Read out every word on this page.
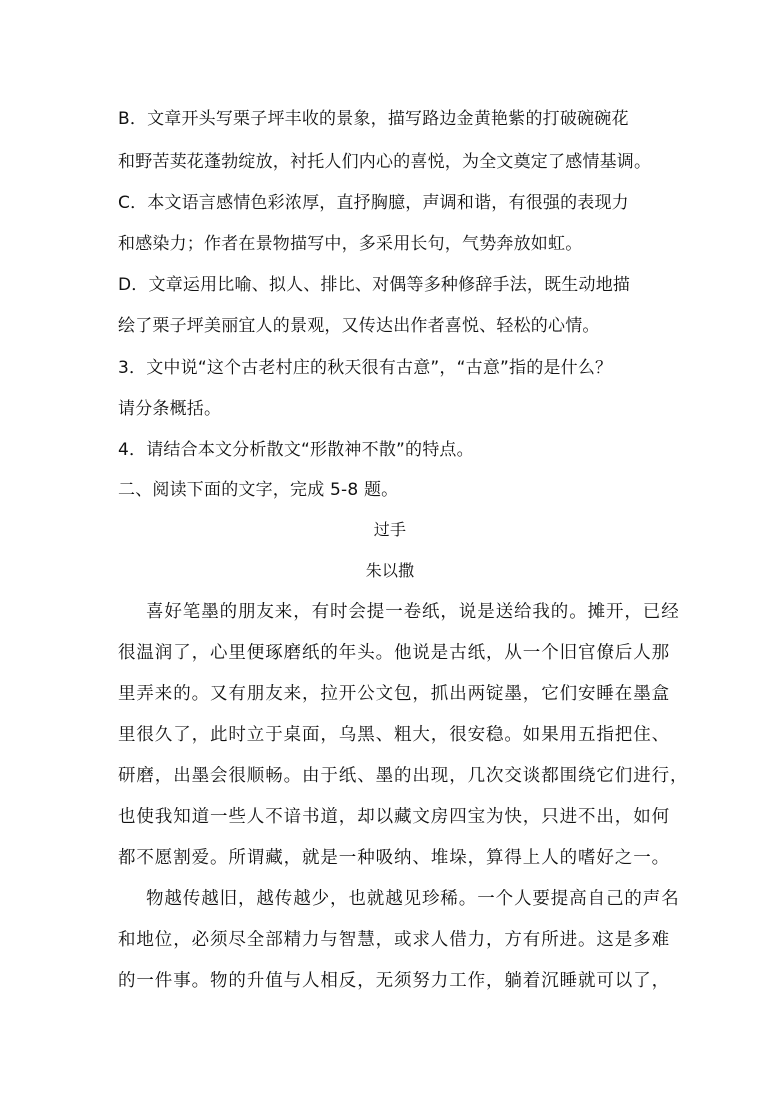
B．文章开头写栗子坪丰收的景象，描写路边金黄艳紫的打破碗碗花
和野苦荬花蓬勃绽放，衬托人们内心的喜悦，为全文奠定了感情基调。
C．本文语言感情色彩浓厚，直抒胸臆，声调和谐，有很强的表现力
和感染力；作者在景物描写中，多采用长句，气势奔放如虹。
D．文章运用比喻、拟人、排比、对偶等多种修辞手法，既生动地描
绘了栗子坪美丽宜人的景观，又传达出作者喜悦、轻松的心情。
3．文中说“这个古老村庄的秋天很有古意”，“古意”指的是什么？
请分条概括。
4．请结合本文分析散文“形散神不散”的特点。
二、阅读下面的文字，完成 5-8 题。
过手
朱以撒
喜好笔墨的朋友来，有时会提一卷纸，说是送给我的。摊开，已经
很温润了，心里便琢磨纸的年头。他说是古纸，从一个旧官僚后人那
里弄来的。又有朋友来，拉开公文包，抓出两锭墨，它们安睡在墨盒
里很久了，此时立于桌面，乌黑、粗大，很安稳。如果用五指把住、
研磨，出墨会很顺畅。由于纸、墨的出现，几次交谈都围绕它们进行，
也使我知道一些人不谙书道，却以藏文房四宝为快，只进不出，如何
都不愿割爱。所谓藏，就是一种吸纳、堆垛，算得上人的嗜好之一。
物越传越旧，越传越少，也就越见珍稀。一个人要提高自己的声名
和地位，必须尽全部精力与智慧，或求人借力，方有所进。这是多难
的一件事。物的升值与人相反，无须努力工作，躺着沉睡就可以了，
